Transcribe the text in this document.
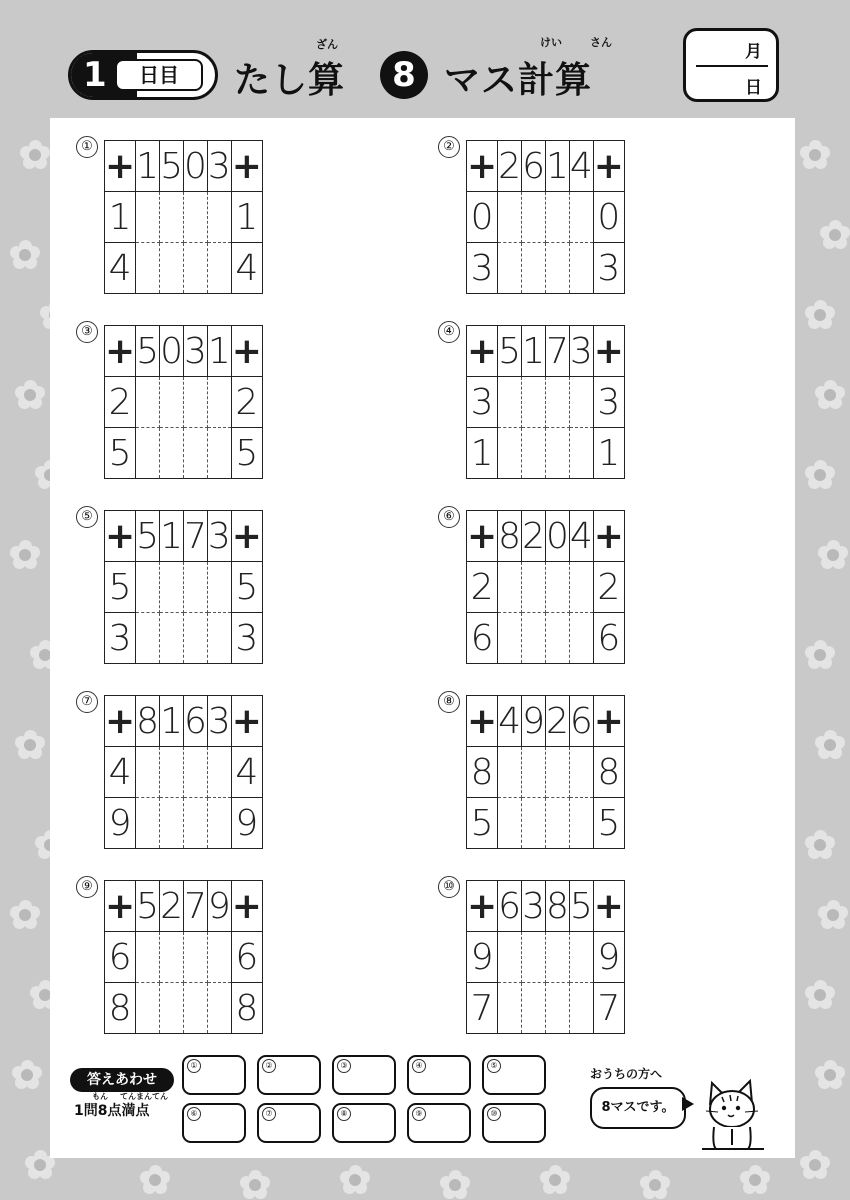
1	日目
ざん
たし算	8
けい	さん
マス計算
月
日
① +	1	5	0	3	+
1					1
4					4
② +	2	6	1	4	+
0					0
3					3
③ +	5	0	3	1	+
2					2
5					5
④ +	5	1	7	3	+
3					3
1					1
⑤ +	5	1	7	3	+
5					5
3					3
⑥ +	8	2	0	4	+
2					2
6					6
⑦ +	8	1	6	3	+
4					4
9					9
⑧ +	4	9	2	6	+
8					8
5					5
⑨ +	5	2	7	9	+
6					6
8					8
⑩ +	6	3	8	5	+
9					9
7					7
答えあわせ
もん てんまんてん
1問8点満点
①	②	③	④	⑤
⑥	⑦	⑧	⑨	⑩
おうちの方へ
8マスです。
